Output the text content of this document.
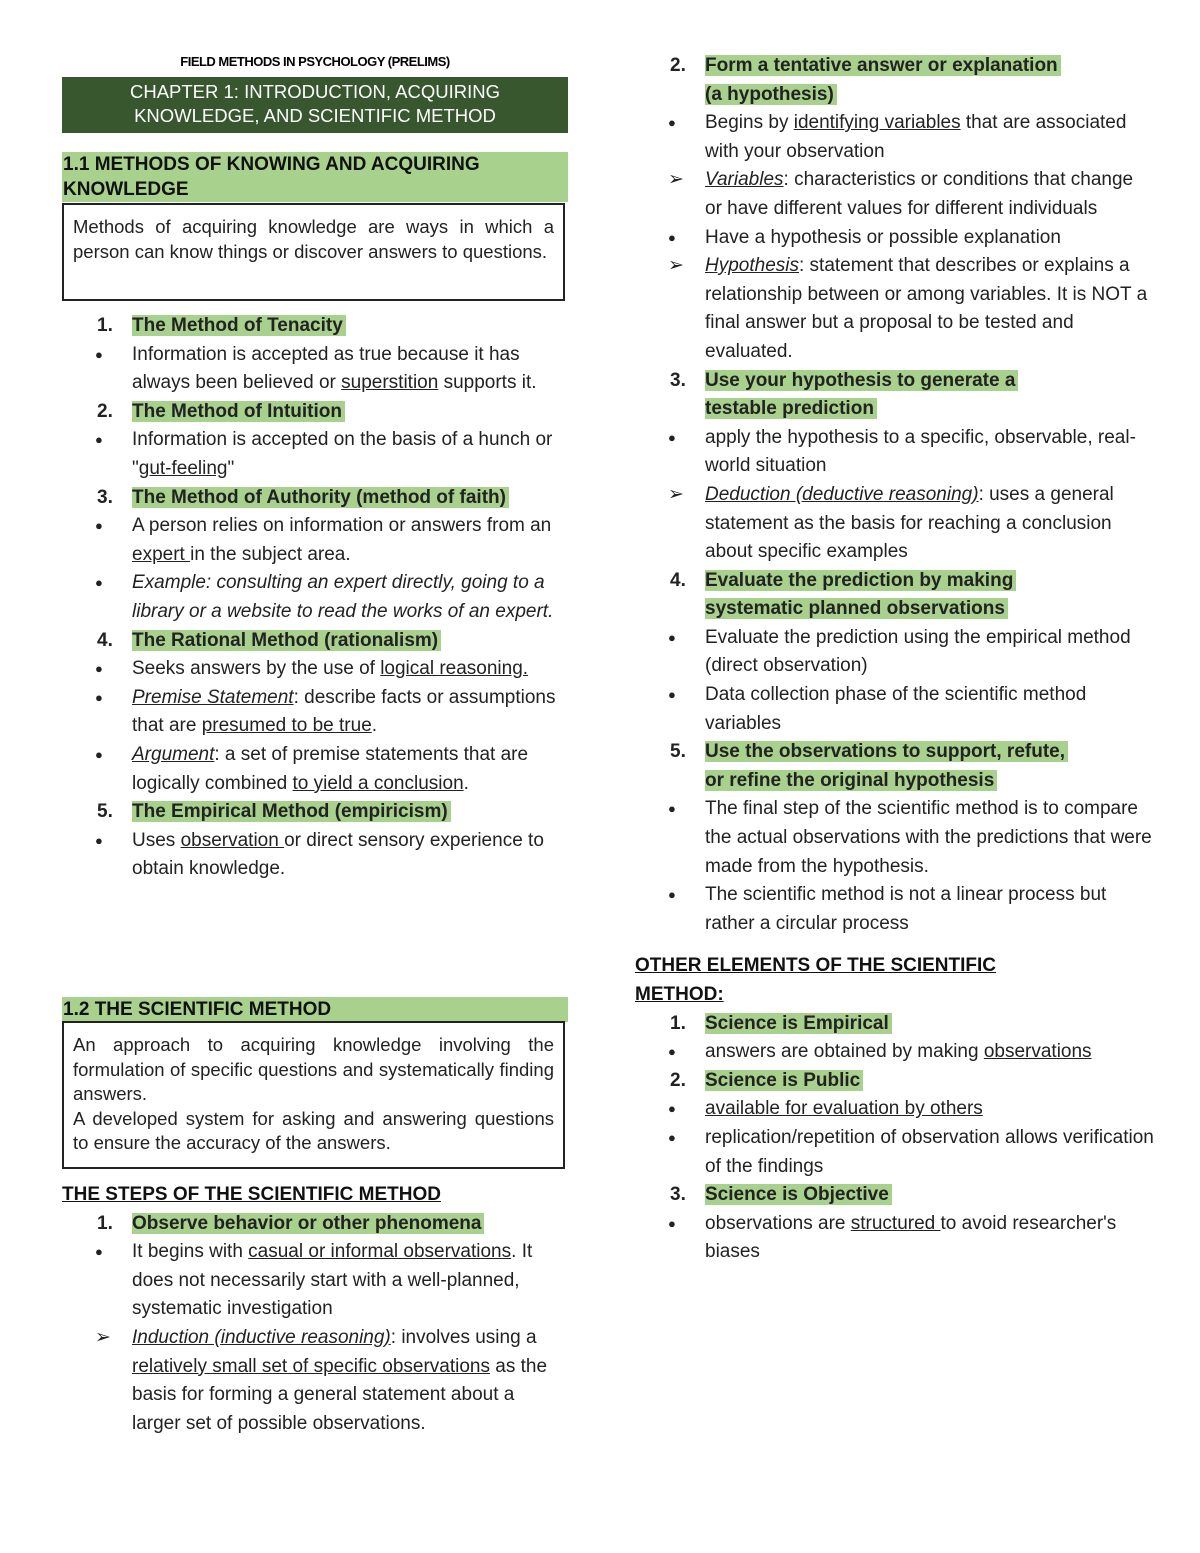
FIELD METHODS IN PSYCHOLOGY (PRELIMS)
CHAPTER 1: INTRODUCTION, ACQUIRING
KNOWLEDGE, AND SCIENTIFIC METHOD
1.1 METHODS OF KNOWING AND ACQUIRING KNOWLEDGE

Methods of acquiring knowledge are ways in which a person can know things or discover answers to questions.

1.	The Method of Tenacity
●	Information is accepted as true because it has always been believed or superstition supports it.
2.	The Method of Intuition
●	Information is accepted on the basis of a hunch or "gut-feeling"
3.	The Method of Authority (method of faith)
●	A person relies on information or answers from an expert in the subject area.
●	Example: consulting an expert directly, going to a library or a website to read the works of an expert.
4.	The Rational Method (rationalism)
●	Seeks answers by the use of logical reasoning.
●	Premise Statement: describe facts or assumptions that are presumed to be true.
●	Argument: a set of premise statements that are logically combined to yield a conclusion.
5.	The Empirical Method (empiricism)
●	Uses observation or direct sensory experience to obtain knowledge.
1.2 THE SCIENTIFIC METHOD

An approach to acquiring knowledge involving the formulation of specific questions and systematically finding answers.

A developed system for asking and answering questions to ensure the accuracy of the answers.

THE STEPS OF THE SCIENTIFIC METHOD
1.	Observe behavior or other phenomena
●	It begins with casual or informal observations. It does not necessarily start with a well-planned, systematic investigation
➢	Induction (inductive reasoning): involves using a relatively small set of specific observations as the basis for forming a general statement about a larger set of possible observations.
2.	Form a tentative answer or explanation
(a hypothesis)
●	Begins by identifying variables that are associated with your observation
➢	Variables: characteristics or conditions that change or have different values for different individuals
●	Have a hypothesis or possible explanation
➢	Hypothesis: statement that describes or explains a relationship between or among variables. It is NOT a final answer but a proposal to be tested and evaluated.
3.	Use your hypothesis to generate a
testable prediction
●	apply the hypothesis to a specific, observable, real-world situation
➢	Deduction (deductive reasoning): uses a general statement as the basis for reaching a conclusion about specific examples
4.	Evaluate the prediction by making
systematic planned observations
●	Evaluate the prediction using the empirical method (direct observation)
●	Data collection phase of the scientific method variables
5.	Use the observations to support, refute,
or refine the original hypothesis
●	The final step of the scientific method is to compare the actual observations with the predictions that were made from the hypothesis.
●	The scientific method is not a linear process but rather a circular process
OTHER ELEMENTS OF THE SCIENTIFIC METHOD:
1.	Science is Empirical
●	answers are obtained by making observations
2.	Science is Public
●	available for evaluation by others
●	replication/repetition of observation allows verification of the findings
3.	Science is Objective
●	observations are structured to avoid researcher's biases
